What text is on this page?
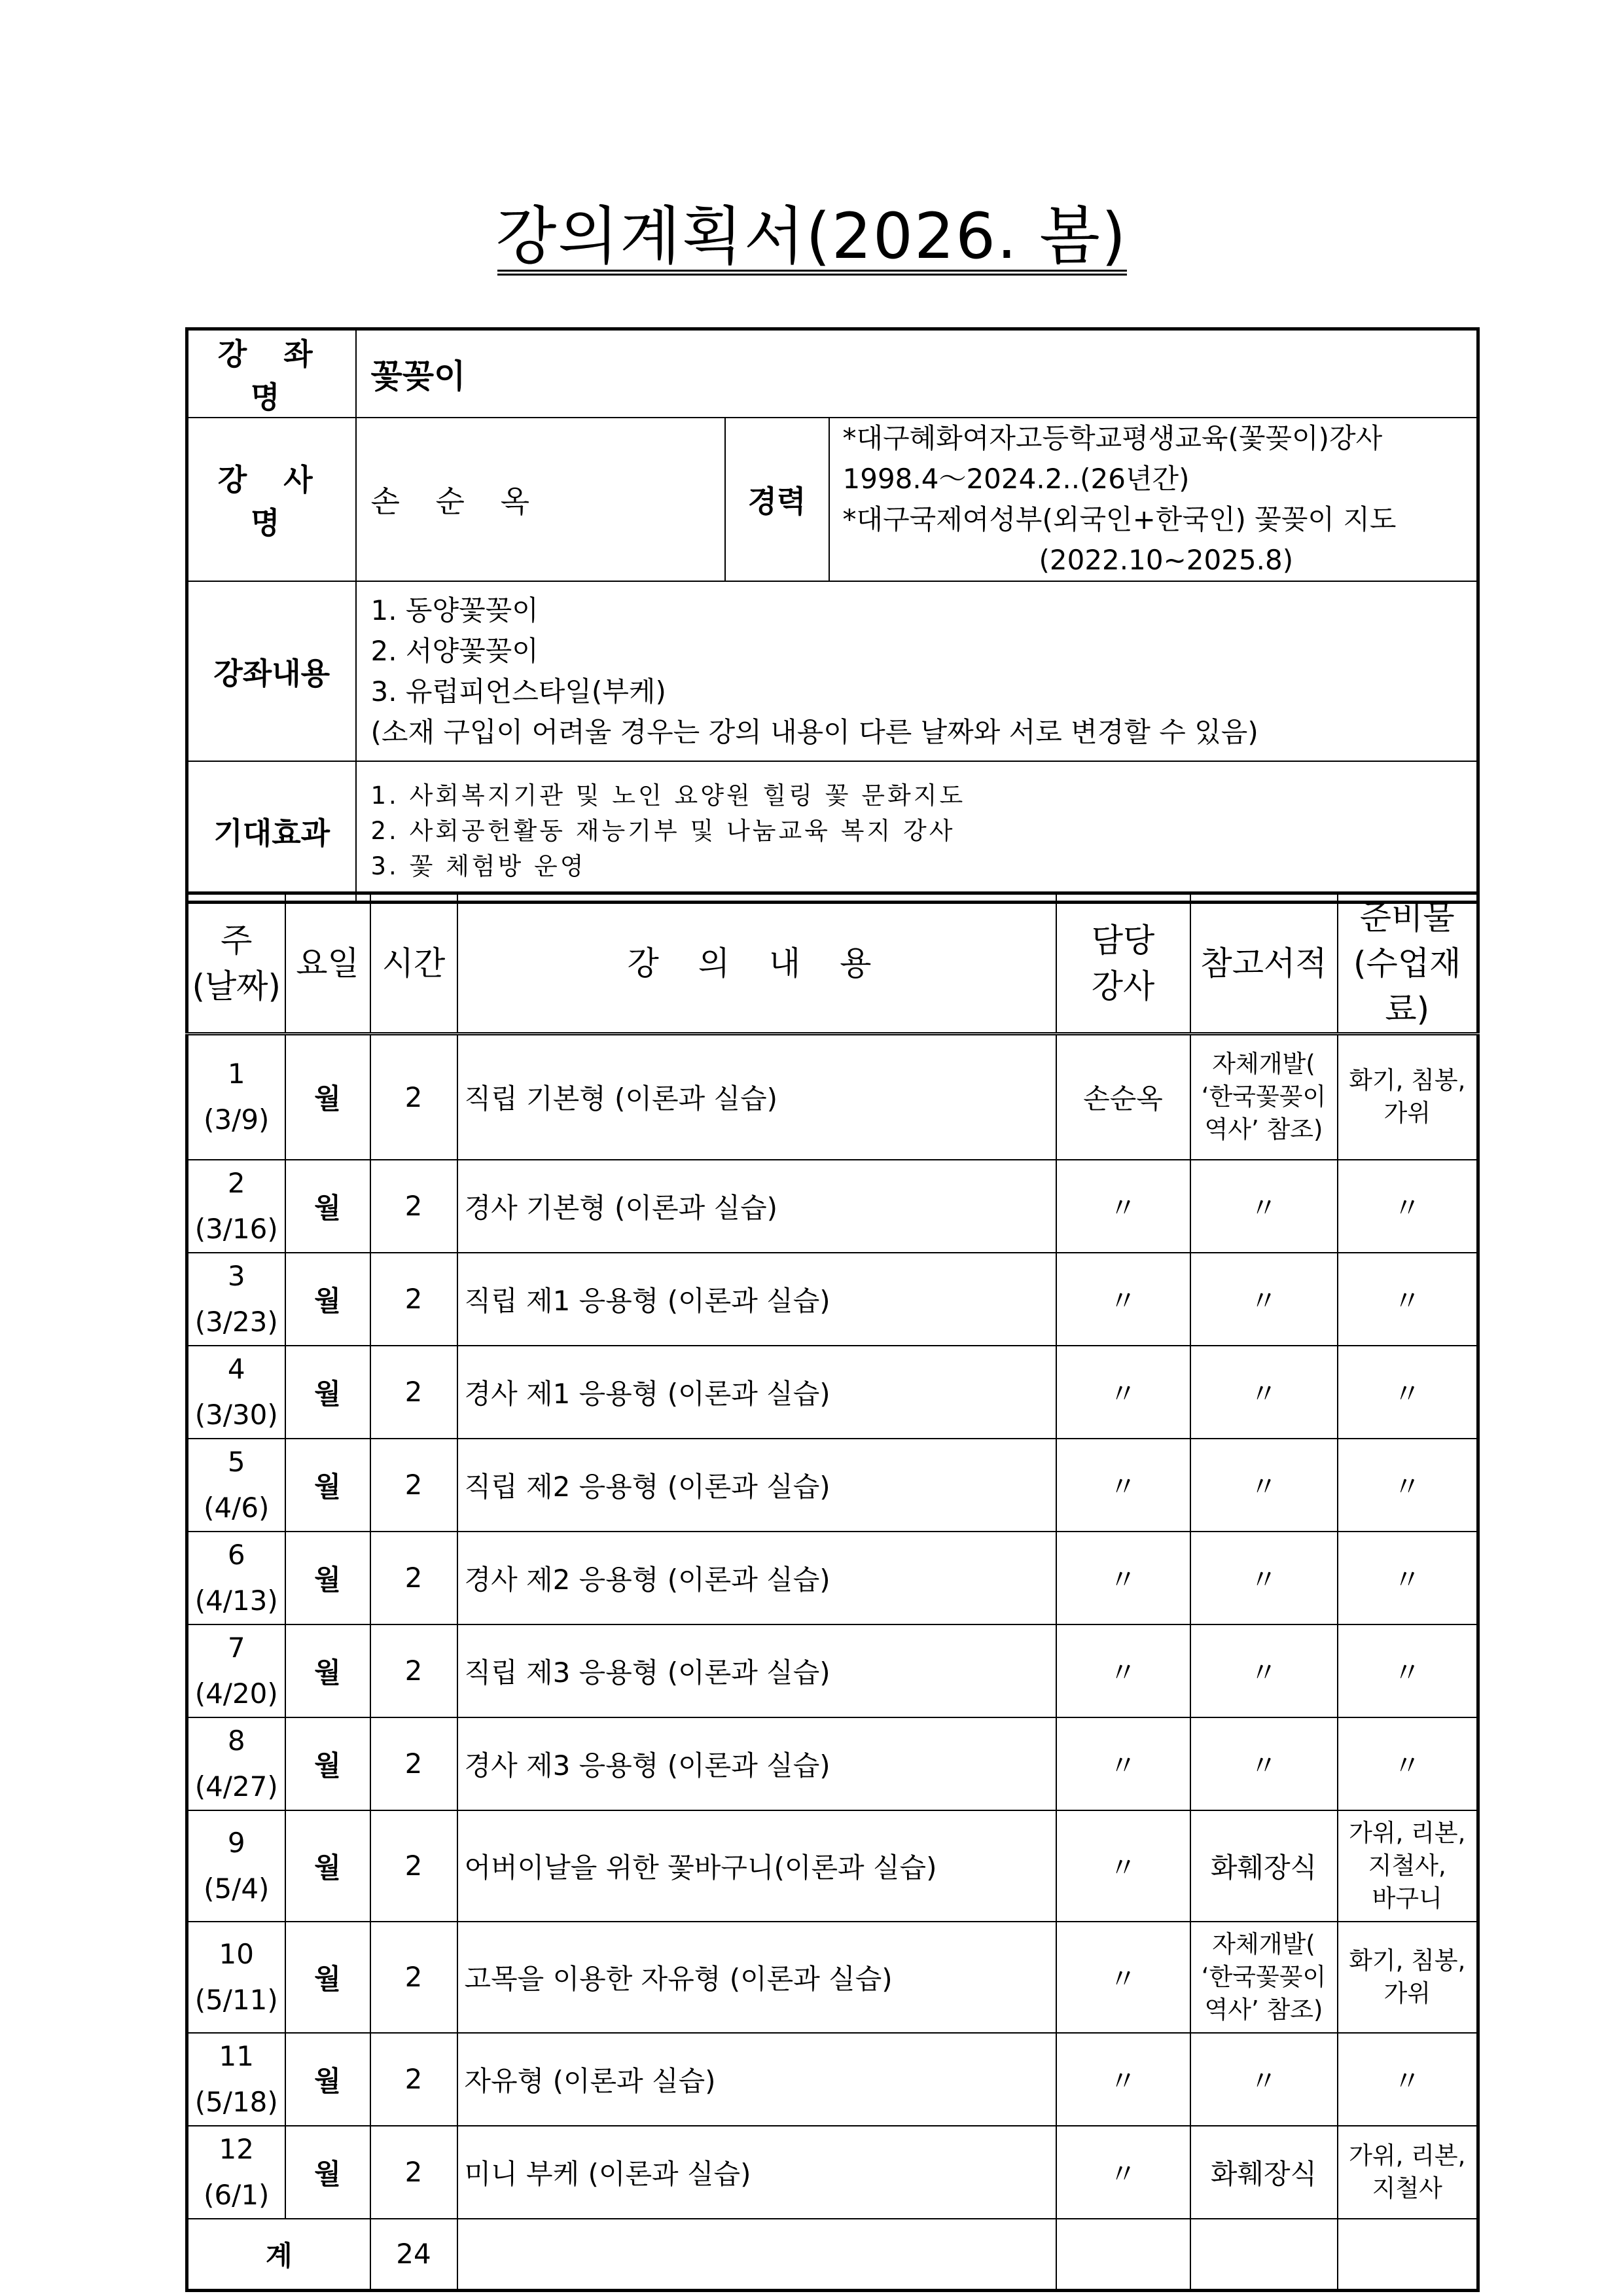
강의계획서(2026. 봄)
강 좌 명	꽃꽂이		
강 사 명	손 순 옥	경력	*대구혜화여자고등학교평생교육(꽃꽂이)강사
1998.4～2024.2..(26년간)
*대구국제여성부(외국인+한국인) 꽃꽂이 지도
(2022.10~2025.8)

강좌내용	1. 동양꽃꽂이
2. 서양꽃꽂이
3. 유럽피언스타일(부케)
(소재 구입이 어려울 경우는 강의 내용이 다른 날짜와 서로 변경할 수 있음)		

기대효과	1. 사회복지기관 및 노인 요양원 힐링 꽃 문화지도
2. 사회공헌활동 재능기부 및 나눔교육 복지 강사
3. 꽃 체험방 운영		
주
(날짜)	요일	시간	강 의 내 용	담당
강사	참고서적	준비물
(수업재료)

1
(3/9)	월	2	직립 기본형 (이론과 실습)	손순옥	자체개발(
‘한국꽃꽂이
역사’ 참조)	화기, 침봉,
가위

2
(3/16)	월	2	경사 기본형 (이론과 실습)	〃	〃	〃

3
(3/23)	월	2	직립 제1 응용형 (이론과 실습)	〃	〃	〃

4
(3/30)	월	2	경사 제1 응용형 (이론과 실습)	〃	〃	〃

5
(4/6)	월	2	직립 제2 응용형 (이론과 실습)	〃	〃	〃

6
(4/13)	월	2	경사 제2 응용형 (이론과 실습)	〃	〃	〃

7
(4/20)	월	2	직립 제3 응용형 (이론과 실습)	〃	〃	〃

8
(4/27)	월	2	경사 제3 응용형 (이론과 실습)	〃	〃	〃

9
(5/4)	월	2	어버이날을 위한 꽃바구니(이론과 실습)	〃	화훼장식	가위, 리본,
지철사,
바구니

10
(5/11)	월	2	고목을 이용한 자유형 (이론과 실습)	〃	자체개발(
‘한국꽃꽂이
역사’ 참조)	화기, 침봉,
가위

11
(5/18)	월	2	자유형 (이론과 실습)	〃	〃	〃

12
(6/1)	월	2	미니 부케 (이론과 실습)	〃	화훼장식	가위, 리본,
지철사

계		24				
